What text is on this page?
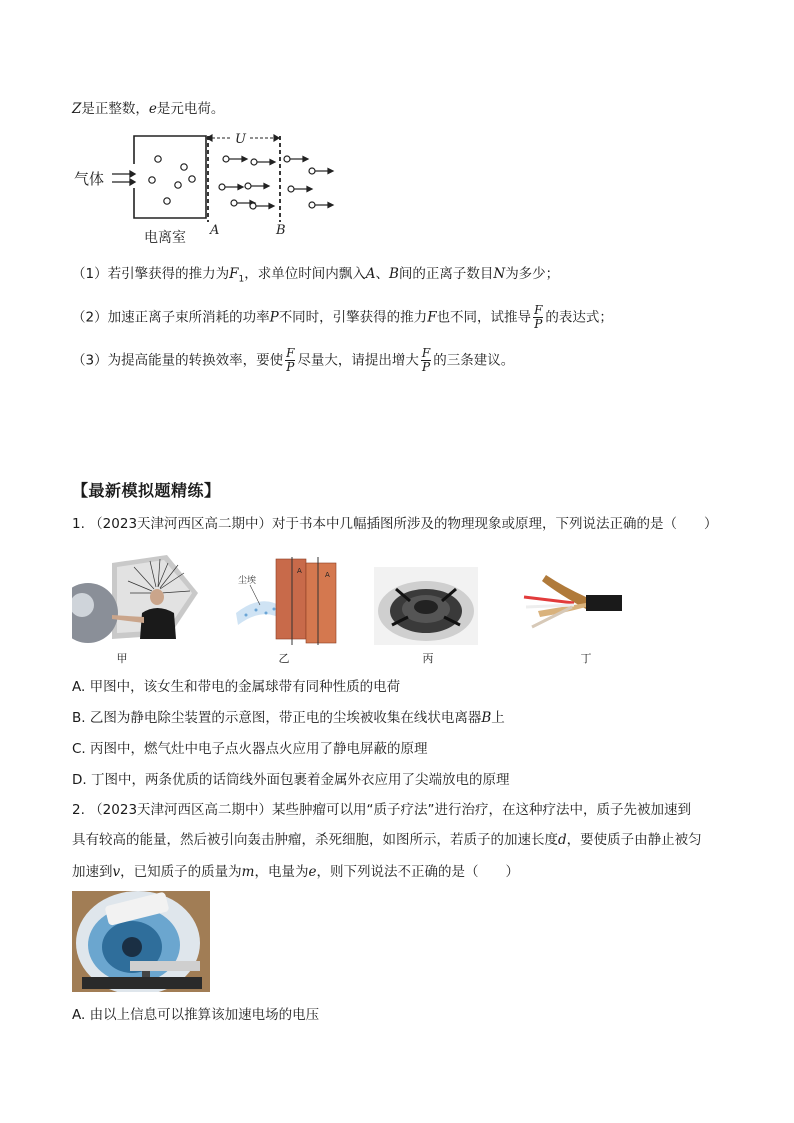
Z是正整数，e是元电荷。
气体
U
A	B
电离室
（1）若引擎获得的推力为$F_1$，求单位时间内飘入A、B间的正离子数目N为多少；
（2）加速正离子束所消耗的功率P不同时，引擎获得的推力F也不同，试推导 $\frac{F}{P}$ 的表达式；
（3）为提高能量的转换效率，要使 $\frac{F}{P}$ 尽量大，请提出增大 $\frac{F}{P}$ 的三条建议。
【最新模拟题精练】
1. （2023天津河西区高二期中）对于书本中几幅插图所涉及的物理现象或原理，下列说法正确的是（　　）
甲
尘埃
A	A
乙	丙	丁
A. 甲图中，该女生和带电的金属球带有同种性质的电荷
B. 乙图为静电除尘装置的示意图，带正电的尘埃被收集在线状电离器B上
C. 丙图中，燃气灶中电子点火器点火应用了静电屏蔽的原理
D. 丁图中，两条优质的话筒线外面包裹着金属外衣应用了尖端放电的原理
2. （2023天津河西区高二期中）某些肿瘤可以用“质子疗法”进行治疗，在这种疗法中，质子先被加速到
具有较高的能量，然后被引向轰击肿瘤，杀死细胞，如图所示，若质子的加速长度d，要使质子由静止被匀
加速到v，已知质子的质量为m，电量为e，则下列说法不正确的是（　　）
A. 由以上信息可以推算该加速电场的电压
